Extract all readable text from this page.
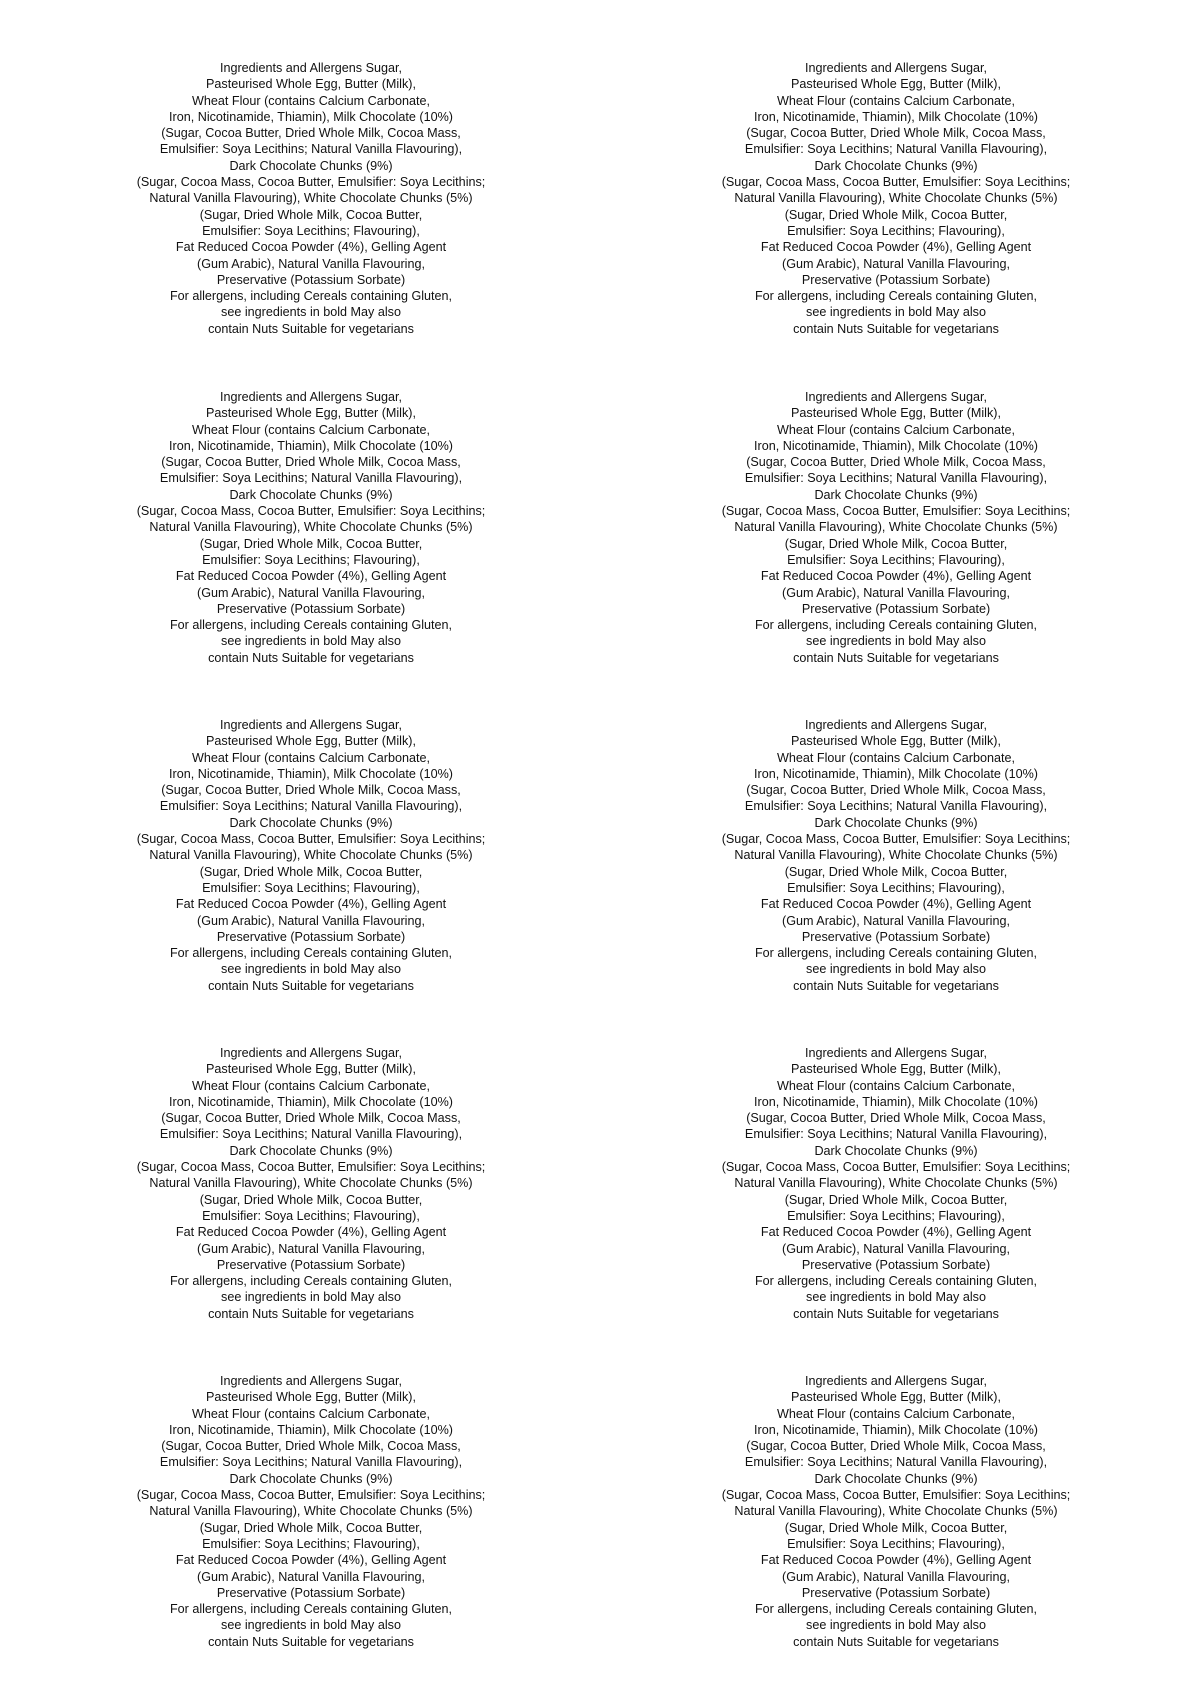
Ingredients and Allergens Sugar,
Pasteurised Whole Egg, Butter (Milk),
Wheat Flour (contains Calcium Carbonate,
Iron, Nicotinamide, Thiamin), Milk Chocolate (10%)
(Sugar, Cocoa Butter, Dried Whole Milk, Cocoa Mass,
Emulsifier: Soya Lecithins; Natural Vanilla Flavouring),
Dark Chocolate Chunks (9%)
(Sugar, Cocoa Mass, Cocoa Butter, Emulsifier: Soya Lecithins;
Natural Vanilla Flavouring), White Chocolate Chunks (5%)
(Sugar, Dried Whole Milk, Cocoa Butter,
Emulsifier: Soya Lecithins; Flavouring),
Fat Reduced Cocoa Powder (4%), Gelling Agent
(Gum Arabic), Natural Vanilla Flavouring,
Preservative (Potassium Sorbate)
For allergens, including Cereals containing Gluten,
see ingredients in bold May also
contain Nuts Suitable for vegetarians
Ingredients and Allergens Sugar,
Pasteurised Whole Egg, Butter (Milk),
Wheat Flour (contains Calcium Carbonate,
Iron, Nicotinamide, Thiamin), Milk Chocolate (10%)
(Sugar, Cocoa Butter, Dried Whole Milk, Cocoa Mass,
Emulsifier: Soya Lecithins; Natural Vanilla Flavouring),
Dark Chocolate Chunks (9%)
(Sugar, Cocoa Mass, Cocoa Butter, Emulsifier: Soya Lecithins;
Natural Vanilla Flavouring), White Chocolate Chunks (5%)
(Sugar, Dried Whole Milk, Cocoa Butter,
Emulsifier: Soya Lecithins; Flavouring),
Fat Reduced Cocoa Powder (4%), Gelling Agent
(Gum Arabic), Natural Vanilla Flavouring,
Preservative (Potassium Sorbate)
For allergens, including Cereals containing Gluten,
see ingredients in bold May also
contain Nuts Suitable for vegetarians
Ingredients and Allergens Sugar,
Pasteurised Whole Egg, Butter (Milk),
Wheat Flour (contains Calcium Carbonate,
Iron, Nicotinamide, Thiamin), Milk Chocolate (10%)
(Sugar, Cocoa Butter, Dried Whole Milk, Cocoa Mass,
Emulsifier: Soya Lecithins; Natural Vanilla Flavouring),
Dark Chocolate Chunks (9%)
(Sugar, Cocoa Mass, Cocoa Butter, Emulsifier: Soya Lecithins;
Natural Vanilla Flavouring), White Chocolate Chunks (5%)
(Sugar, Dried Whole Milk, Cocoa Butter,
Emulsifier: Soya Lecithins; Flavouring),
Fat Reduced Cocoa Powder (4%), Gelling Agent
(Gum Arabic), Natural Vanilla Flavouring,
Preservative (Potassium Sorbate)
For allergens, including Cereals containing Gluten,
see ingredients in bold May also
contain Nuts Suitable for vegetarians
Ingredients and Allergens Sugar,
Pasteurised Whole Egg, Butter (Milk),
Wheat Flour (contains Calcium Carbonate,
Iron, Nicotinamide, Thiamin), Milk Chocolate (10%)
(Sugar, Cocoa Butter, Dried Whole Milk, Cocoa Mass,
Emulsifier: Soya Lecithins; Natural Vanilla Flavouring),
Dark Chocolate Chunks (9%)
(Sugar, Cocoa Mass, Cocoa Butter, Emulsifier: Soya Lecithins;
Natural Vanilla Flavouring), White Chocolate Chunks (5%)
(Sugar, Dried Whole Milk, Cocoa Butter,
Emulsifier: Soya Lecithins; Flavouring),
Fat Reduced Cocoa Powder (4%), Gelling Agent
(Gum Arabic), Natural Vanilla Flavouring,
Preservative (Potassium Sorbate)
For allergens, including Cereals containing Gluten,
see ingredients in bold May also
contain Nuts Suitable for vegetarians
Ingredients and Allergens Sugar,
Pasteurised Whole Egg, Butter (Milk),
Wheat Flour (contains Calcium Carbonate,
Iron, Nicotinamide, Thiamin), Milk Chocolate (10%)
(Sugar, Cocoa Butter, Dried Whole Milk, Cocoa Mass,
Emulsifier: Soya Lecithins; Natural Vanilla Flavouring),
Dark Chocolate Chunks (9%)
(Sugar, Cocoa Mass, Cocoa Butter, Emulsifier: Soya Lecithins;
Natural Vanilla Flavouring), White Chocolate Chunks (5%)
(Sugar, Dried Whole Milk, Cocoa Butter,
Emulsifier: Soya Lecithins; Flavouring),
Fat Reduced Cocoa Powder (4%), Gelling Agent
(Gum Arabic), Natural Vanilla Flavouring,
Preservative (Potassium Sorbate)
For allergens, including Cereals containing Gluten,
see ingredients in bold May also
contain Nuts Suitable for vegetarians
Ingredients and Allergens Sugar,
Pasteurised Whole Egg, Butter (Milk),
Wheat Flour (contains Calcium Carbonate,
Iron, Nicotinamide, Thiamin), Milk Chocolate (10%)
(Sugar, Cocoa Butter, Dried Whole Milk, Cocoa Mass,
Emulsifier: Soya Lecithins; Natural Vanilla Flavouring),
Dark Chocolate Chunks (9%)
(Sugar, Cocoa Mass, Cocoa Butter, Emulsifier: Soya Lecithins;
Natural Vanilla Flavouring), White Chocolate Chunks (5%)
(Sugar, Dried Whole Milk, Cocoa Butter,
Emulsifier: Soya Lecithins; Flavouring),
Fat Reduced Cocoa Powder (4%), Gelling Agent
(Gum Arabic), Natural Vanilla Flavouring,
Preservative (Potassium Sorbate)
For allergens, including Cereals containing Gluten,
see ingredients in bold May also
contain Nuts Suitable for vegetarians
Ingredients and Allergens Sugar,
Pasteurised Whole Egg, Butter (Milk),
Wheat Flour (contains Calcium Carbonate,
Iron, Nicotinamide, Thiamin), Milk Chocolate (10%)
(Sugar, Cocoa Butter, Dried Whole Milk, Cocoa Mass,
Emulsifier: Soya Lecithins; Natural Vanilla Flavouring),
Dark Chocolate Chunks (9%)
(Sugar, Cocoa Mass, Cocoa Butter, Emulsifier: Soya Lecithins;
Natural Vanilla Flavouring), White Chocolate Chunks (5%)
(Sugar, Dried Whole Milk, Cocoa Butter,
Emulsifier: Soya Lecithins; Flavouring),
Fat Reduced Cocoa Powder (4%), Gelling Agent
(Gum Arabic), Natural Vanilla Flavouring,
Preservative (Potassium Sorbate)
For allergens, including Cereals containing Gluten,
see ingredients in bold May also
contain Nuts Suitable for vegetarians
Ingredients and Allergens Sugar,
Pasteurised Whole Egg, Butter (Milk),
Wheat Flour (contains Calcium Carbonate,
Iron, Nicotinamide, Thiamin), Milk Chocolate (10%)
(Sugar, Cocoa Butter, Dried Whole Milk, Cocoa Mass,
Emulsifier: Soya Lecithins; Natural Vanilla Flavouring),
Dark Chocolate Chunks (9%)
(Sugar, Cocoa Mass, Cocoa Butter, Emulsifier: Soya Lecithins;
Natural Vanilla Flavouring), White Chocolate Chunks (5%)
(Sugar, Dried Whole Milk, Cocoa Butter,
Emulsifier: Soya Lecithins; Flavouring),
Fat Reduced Cocoa Powder (4%), Gelling Agent
(Gum Arabic), Natural Vanilla Flavouring,
Preservative (Potassium Sorbate)
For allergens, including Cereals containing Gluten,
see ingredients in bold May also
contain Nuts Suitable for vegetarians
Ingredients and Allergens Sugar,
Pasteurised Whole Egg, Butter (Milk),
Wheat Flour (contains Calcium Carbonate,
Iron, Nicotinamide, Thiamin), Milk Chocolate (10%)
(Sugar, Cocoa Butter, Dried Whole Milk, Cocoa Mass,
Emulsifier: Soya Lecithins; Natural Vanilla Flavouring),
Dark Chocolate Chunks (9%)
(Sugar, Cocoa Mass, Cocoa Butter, Emulsifier: Soya Lecithins;
Natural Vanilla Flavouring), White Chocolate Chunks (5%)
(Sugar, Dried Whole Milk, Cocoa Butter,
Emulsifier: Soya Lecithins; Flavouring),
Fat Reduced Cocoa Powder (4%), Gelling Agent
(Gum Arabic), Natural Vanilla Flavouring,
Preservative (Potassium Sorbate)
For allergens, including Cereals containing Gluten,
see ingredients in bold May also
contain Nuts Suitable for vegetarians
Ingredients and Allergens Sugar,
Pasteurised Whole Egg, Butter (Milk),
Wheat Flour (contains Calcium Carbonate,
Iron, Nicotinamide, Thiamin), Milk Chocolate (10%)
(Sugar, Cocoa Butter, Dried Whole Milk, Cocoa Mass,
Emulsifier: Soya Lecithins; Natural Vanilla Flavouring),
Dark Chocolate Chunks (9%)
(Sugar, Cocoa Mass, Cocoa Butter, Emulsifier: Soya Lecithins;
Natural Vanilla Flavouring), White Chocolate Chunks (5%)
(Sugar, Dried Whole Milk, Cocoa Butter,
Emulsifier: Soya Lecithins; Flavouring),
Fat Reduced Cocoa Powder (4%), Gelling Agent
(Gum Arabic), Natural Vanilla Flavouring,
Preservative (Potassium Sorbate)
For allergens, including Cereals containing Gluten,
see ingredients in bold May also
contain Nuts Suitable for vegetarians
